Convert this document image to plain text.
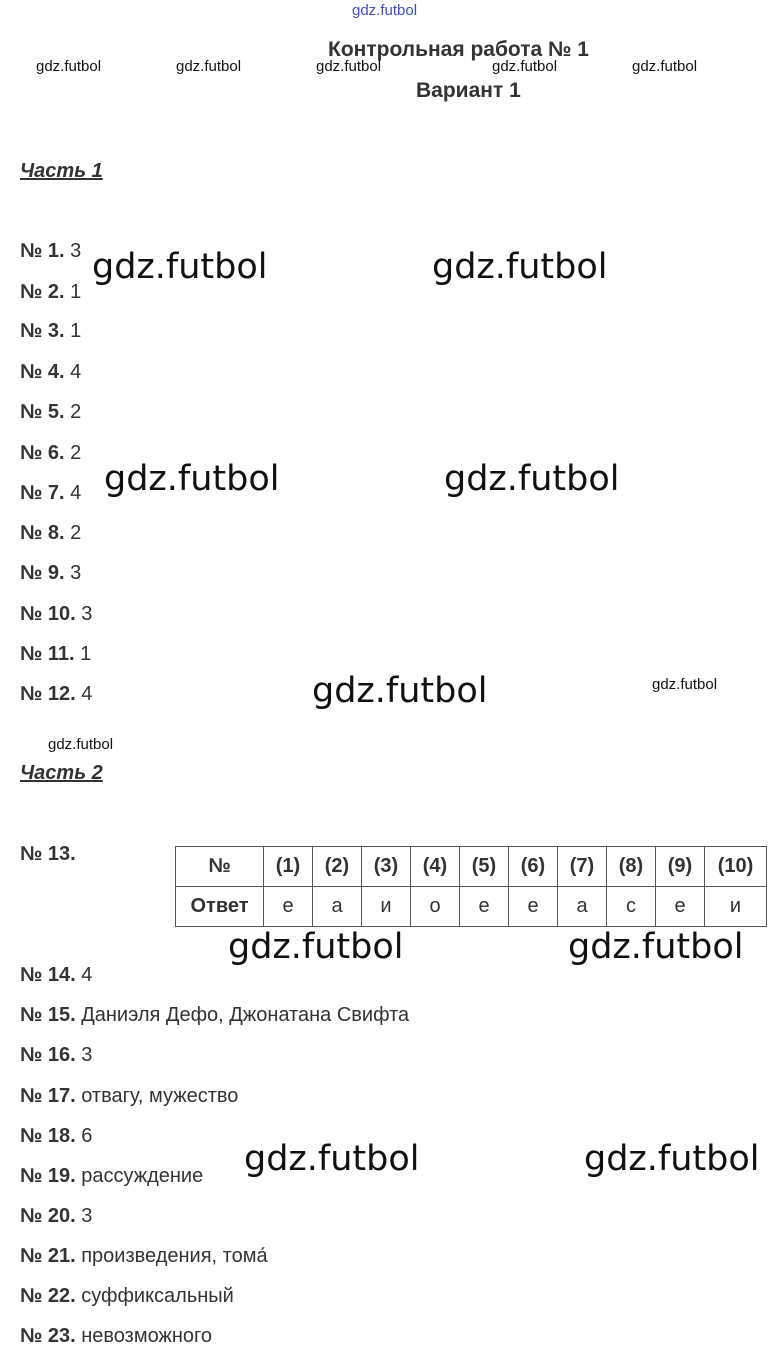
gdz.futbol
Контрольная работа № 1
Вариант 1
gdz.futbol	gdz.futbol	gdz.futbol	gdz.futbol	gdz.futbol
Часть 1
№ 1. 3
№ 2. 1
№ 3. 1
№ 4. 4
№ 5. 2
№ 6. 2
№ 7. 4
№ 8. 2
№ 9. 3
№ 10. 3
№ 11. 1
№ 12. 4
gdz.futbol	gdz.futbol
gdz.futbol	gdz.futbol
gdz.futbol	gdz.futbol
gdz.futbol
Часть 2
№ 13.
№	(1)	(2)	(3)	(4)	(5)	(6)	(7)	(8)	(9)	(10)
Ответ	е	а	и	о	е	е	а	с	е	и
gdz.futbol	gdz.futbol
№ 14. 4
№ 15. Даниэля Дефо, Джонатана Свифта
№ 16. 3
№ 17. отвагу, мужество
№ 18. 6
№ 19. рассуждение
№ 20. 3
№ 21. произведения, тома́
№ 22. суффиксальный
№ 23. невозможного
gdz.futbol	gdz.futbol
